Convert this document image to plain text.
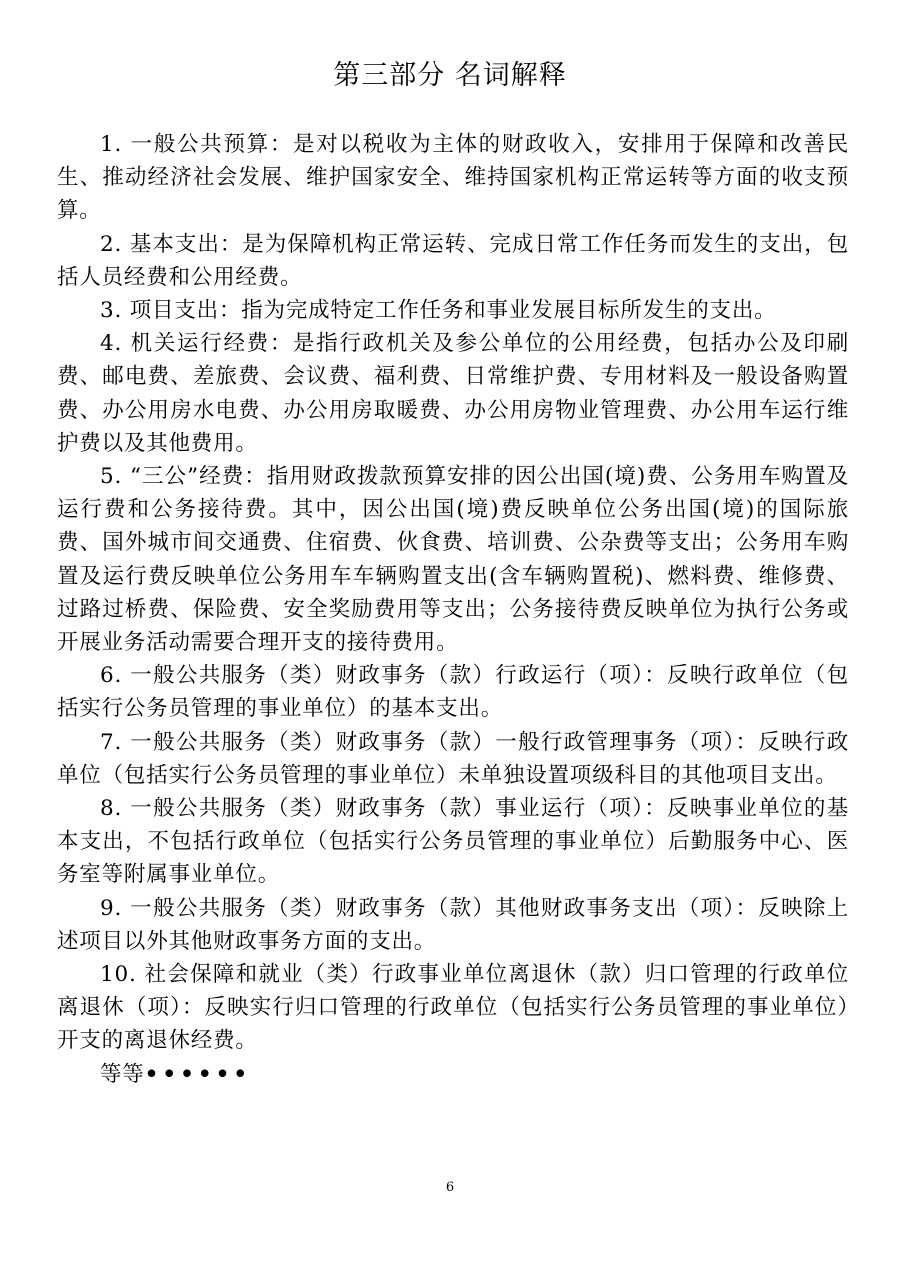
第三部分 名词解释

1. 一般公共预算：是对以税收为主体的财政收入，安排用于保障和改善民生、推动经济社会发展、维护国家安全、维持国家机构正常运转等方面的收支预算。

2. 基本支出：是为保障机构正常运转、完成日常工作任务而发生的支出，包括人员经费和公用经费。

3. 项目支出：指为完成特定工作任务和事业发展目标所发生的支出。

4. 机关运行经费：是指行政机关及参公单位的公用经费，包括办公及印刷费、邮电费、差旅费、会议费、福利费、日常维护费、专用材料及一般设备购置费、办公用房水电费、办公用房取暖费、办公用房物业管理费、办公用车运行维护费以及其他费用。

5. “三公”经费：指用财政拨款预算安排的因公出国(境)费、公务用车购置及运行费和公务接待费。其中，因公出国(境)费反映单位公务出国(境)的国际旅费、国外城市间交通费、住宿费、伙食费、培训费、公杂费等支出；公务用车购置及运行费反映单位公务用车车辆购置支出(含车辆购置税)、燃料费、维修费、过路过桥费、保险费、安全奖励费用等支出；公务接待费反映单位为执行公务或开展业务活动需要合理开支的接待费用。

6. 一般公共服务（类）财政事务（款）行政运行（项）：反映行政单位（包括实行公务员管理的事业单位）的基本支出。

7. 一般公共服务（类）财政事务（款）一般行政管理事务（项）：反映行政单位（包括实行公务员管理的事业单位）未单独设置项级科目的其他项目支出。

8. 一般公共服务（类）财政事务（款）事业运行（项）：反映事业单位的基本支出，不包括行政单位（包括实行公务员管理的事业单位）后勤服务中心、医务室等附属事业单位。

9. 一般公共服务（类）财政事务（款）其他财政事务支出（项）：反映除上述项目以外其他财政事务方面的支出。

10. 社会保障和就业（类）行政事业单位离退休（款）归口管理的行政单位离退休（项）：反映实行归口管理的行政单位（包括实行公务员管理的事业单位）开支的离退休经费。

等等••••••

6
